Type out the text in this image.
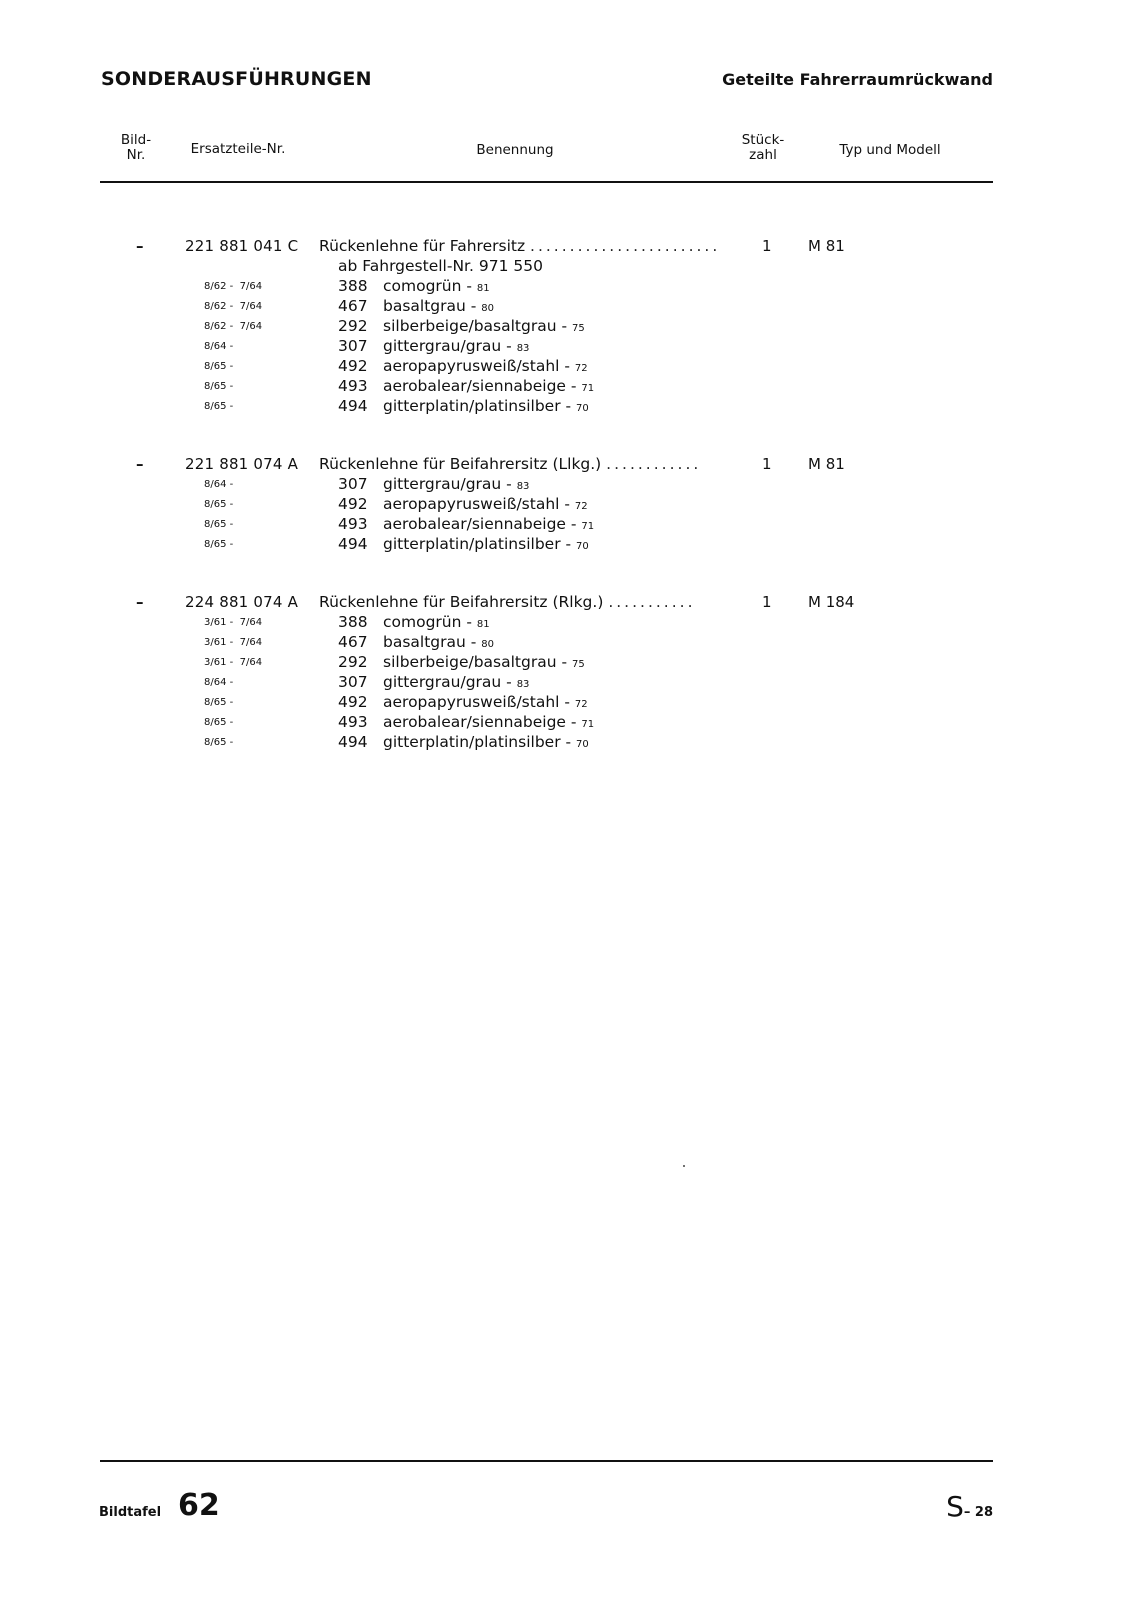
SONDERAUSFÜHRUNGEN	Geteilte Fahrerraumrückwand
Bild-
Nr.	Ersatzteile-Nr.	Benennung
Stück-
zahl	Typ und Modell
–	221 881 041 C Rückenlehne für Fahrersitz ........................	1 M 81
ab Fahrgestell-Nr. 971 550
8/62 -  7/64	388 comogrün - 81
8/62 -  7/64	467 basaltgrau - 80
8/62 -  7/64	292 silberbeige/basaltgrau - 75
8/64 -	307 gittergrau/grau - 83
8/65 -	492 aeropapyrusweiß/stahl - 72
8/65 -	493 aerobalear/siennabeige - 71
8/65 -	494 gitterplatin/platinsilber - 70
–	221 881 074 A Rückenlehne für Beifahrersitz (Llkg.) ............	1 M 81
8/64 -	307 gittergrau/grau - 83
8/65 -	492 aeropapyrusweiß/stahl - 72
8/65 -	493 aerobalear/siennabeige - 71
8/65 -	494 gitterplatin/platinsilber - 70
–	224 881 074 A Rückenlehne für Beifahrersitz (Rlkg.) ...........	1 M 184
3/61 -  7/64	388 comogrün - 81
3/61 -  7/64	467 basaltgrau - 80
3/61 -  7/64	292 silberbeige/basaltgrau - 75
8/64 -	307 gittergrau/grau - 83
8/65 -	492 aeropapyrusweiß/stahl - 72
8/65 -	493 aerobalear/siennabeige - 71
8/65 -	494 gitterplatin/platinsilber - 70
Bildtafel 62	S– 28
